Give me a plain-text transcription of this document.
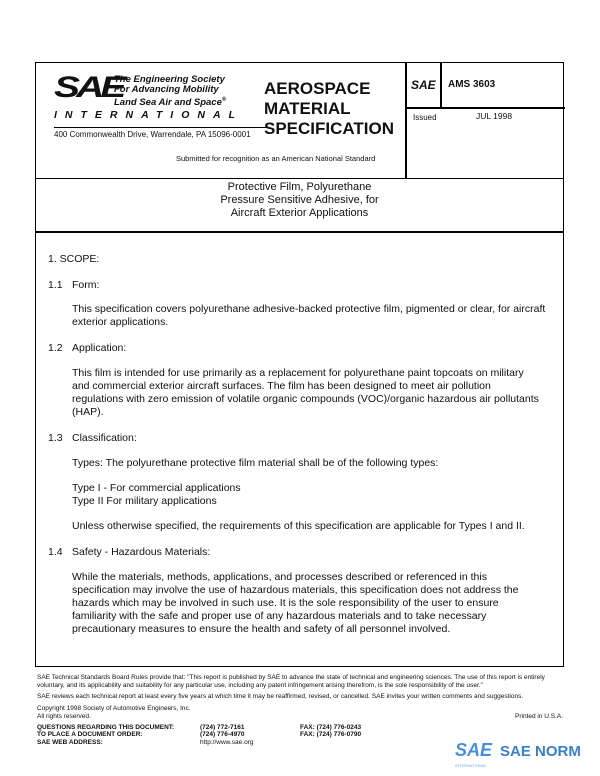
SAE
The Engineering Society
For Advancing Mobility
Land Sea Air and Space®
INTERNATIONAL
400 Commonwealth Drive, Warrendale, PA 15096-0001
AEROSPACE
MATERIAL
SPECIFICATION
Submitted for recognition as an American National Standard
SAE AMS 3603
Issued	JUL 1998
Protective Film, Polyurethane
Pressure Sensitive Adhesive, for
Aircraft Exterior Applications
1. SCOPE:
1.1 Form:
This specification covers polyurethane adhesive-backed protective film, pigmented or clear, for aircraft exterior applications.
1.2 Application:
This film is intended for use primarily as a replacement for polyurethane paint topcoats on military and commercial exterior aircraft surfaces. The film has been designed to meet air pollution regulations with zero emission of volatile organic compounds (VOC)/organic hazardous air pollutants (HAP).
1.3 Classification:
Types: The polyurethane protective film material shall be of the following types:
Type I - For commercial applications
Type II For military applications
Unless otherwise specified, the requirements of this specification are applicable for Types I and II.
1.4 Safety - Hazardous Materials:
While the materials, methods, applications, and processes described or referenced in this specification may involve the use of hazardous materials, this specification does not address the hazards which may be involved in such use. It is the sole responsibility of the user to ensure familiarity with the safe and proper use of any hazardous materials and to take necessary precautionary measures to ensure the health and safety of all personnel involved.
SAE Technical Standards Board Rules provide that: "This report is published by SAE to advance the state of technical and engineering sciences. The use of this report is entirely
voluntary, and its applicability and suitability for any particular use, including any patent infringement arising therefrom, is the sole responsibility of the user."
SAE reviews each technical report at least every five years at which time it may be reaffirmed, revised, or cancelled. SAE invites your written comments and suggestions.
Copyright 1998 Society of Automotive Engineers, Inc.
All rights reserved.	Printed in U.S.A.
QUESTIONS REGARDING THIS DOCUMENT:	(724) 772-7161	FAX: (724) 776-0243
TO PLACE A DOCUMENT ORDER:	(724) 776-4970	FAX: (724) 776-0790
SAE WEB ADDRESS:	http://www.sae.org	SAE SAE NORM
INTERNATIONAL
